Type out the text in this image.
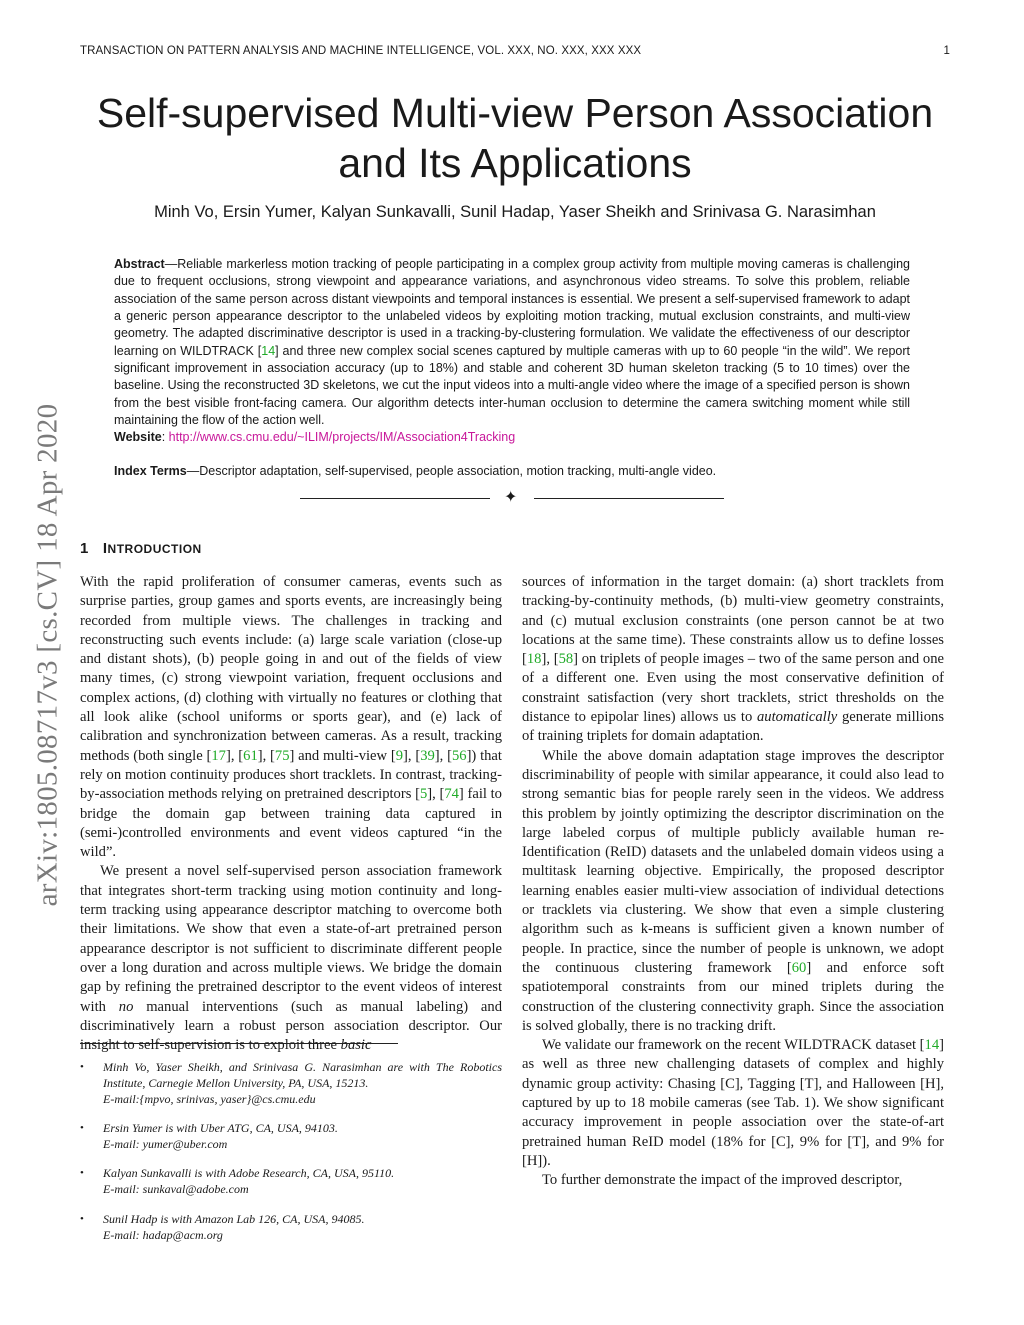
TRANSACTION ON PATTERN ANALYSIS AND MACHINE INTELLIGENCE, VOL. XXX, NO. XXX, XXX XXX	1
arXiv:1805.08717v3 [cs.CV] 18 Apr 2020
Self-supervised Multi-view Person Association
and Its Applications
Minh Vo, Ersin Yumer, Kalyan Sunkavalli, Sunil Hadap, Yaser Sheikh and Srinivasa G. Narasimhan
Abstract—Reliable markerless motion tracking of people participating in a complex group activity from multiple moving cameras is challenging due to frequent occlusions, strong viewpoint and appearance variations, and asynchronous video streams. To solve this problem, reliable association of the same person across distant viewpoints and temporal instances is essential. We present a self-supervised framework to adapt a generic person appearance descriptor to the unlabeled videos by exploiting motion tracking, mutual exclusion constraints, and multi-view geometry. The adapted discriminative descriptor is used in a tracking-by-clustering formulation. We validate the effectiveness of our descriptor learning on WILDTRACK [14] and three new complex social scenes captured by multiple cameras with up to 60 people “in the wild”. We report significant improvement in association accuracy (up to 18%) and stable and coherent 3D human skeleton tracking (5 to 10 times) over the baseline. Using the reconstructed 3D skeletons, we cut the input videos into a multi-angle video where the image of a specified person is shown from the best visible front-facing camera. Our algorithm detects inter-human occlusion to determine the camera switching moment while still maintaining the flow of the action well.
Website: http://www.cs.cmu.edu/~ILIM/projects/IM/Association4Tracking
Index Terms—Descriptor adaptation, self-supervised, people association, motion tracking, multi-angle video.
✦
1 INTRODUCTION

With the rapid proliferation of consumer cameras, events such as surprise parties, group games and sports events, are increasingly being recorded from multiple views. The challenges in tracking and reconstructing such events include: (a) large scale variation (close-up and distant shots), (b) people going in and out of the fields of view many times, (c) strong viewpoint variation, frequent occlusions and complex actions, (d) clothing with virtually no features or clothing that all look alike (school uniforms or sports gear), and (e) lack of calibration and synchronization between cameras. As a result, tracking methods (both single [17], [61], [75] and multi-view [9], [39], [56]) that rely on motion continuity produces short tracklets. In contrast, tracking-by-association methods relying on pretrained descriptors [5], [74] fail to bridge the domain gap between training data captured in (semi-)controlled environments and event videos captured “in the wild”.

We present a novel self-supervised person association framework that integrates short-term tracking using motion continuity and long-term tracking using appearance descriptor matching to overcome both their limitations. We show that even a state-of-art pretrained person appearance descriptor is not sufficient to discriminate different people over a long duration and across multiple views. We bridge the domain gap by refining the pretrained descriptor to the event videos of interest with no manual interventions (such as manual labeling) and discriminatively learn a robust person association descriptor. Our insight to self-supervision is to exploit three basic

sources of information in the target domain: (a) short tracklets from tracking-by-continuity methods, (b) multi-view geometry constraints, and (c) mutual exclusion constraints (one person cannot be at two locations at the same time). These constraints allow us to define losses [18], [58] on triplets of people images – two of the same person and one of a different one. Even using the most conservative definition of constraint satisfaction (very short tracklets, strict thresholds on the distance to epipolar lines) allows us to automatically generate millions of training triplets for domain adaptation.

While the above domain adaptation stage improves the descriptor discriminability of people with similar appearance, it could also lead to strong semantic bias for people rarely seen in the videos. We address this problem by jointly optimizing the descriptor discrimination on the large labeled corpus of multiple publicly available human re-Identification (ReID) datasets and the unlabeled domain videos using a multitask learning objective. Empirically, the proposed descriptor learning enables easier multi-view association of individual detections or tracklets via clustering. We show that even a simple clustering algorithm such as k-means is sufficient given a known number of people. In practice, since the number of people is unknown, we adopt the continuous clustering framework [60] and enforce soft spatiotemporal constraints from our mined triplets during the construction of the clustering connectivity graph. Since the association is solved globally, there is no tracking drift.

We validate our framework on the recent WILDTRACK dataset [14] as well as three new challenging datasets of complex and highly dynamic group activity: Chasing [C], Tagging [T], and Halloween [H], captured by up to 18 mobile cameras (see Tab. 1). We show significant accuracy improvement in people association over the state-of-art pretrained human ReID model (18% for [C], 9% for [T], and 9% for [H]).

To further demonstrate the impact of the improved descriptor,

• Minh Vo, Yaser Sheikh, and Srinivasa G. Narasimhan are with The Robotics Institute, Carnegie Mellon University, PA, USA, 15213.
E-mail:{mpvo, srinivas, yaser}@cs.cmu.edu
• Ersin Yumer is with Uber ATG, CA, USA, 94103.
E-mail: yumer@uber.com
• Kalyan Sunkavalli is with Adobe Research, CA, USA, 95110.
E-mail: sunkaval@adobe.com
• Sunil Hadp is with Amazon Lab 126, CA, USA, 94085.
E-mail: hadap@acm.org
